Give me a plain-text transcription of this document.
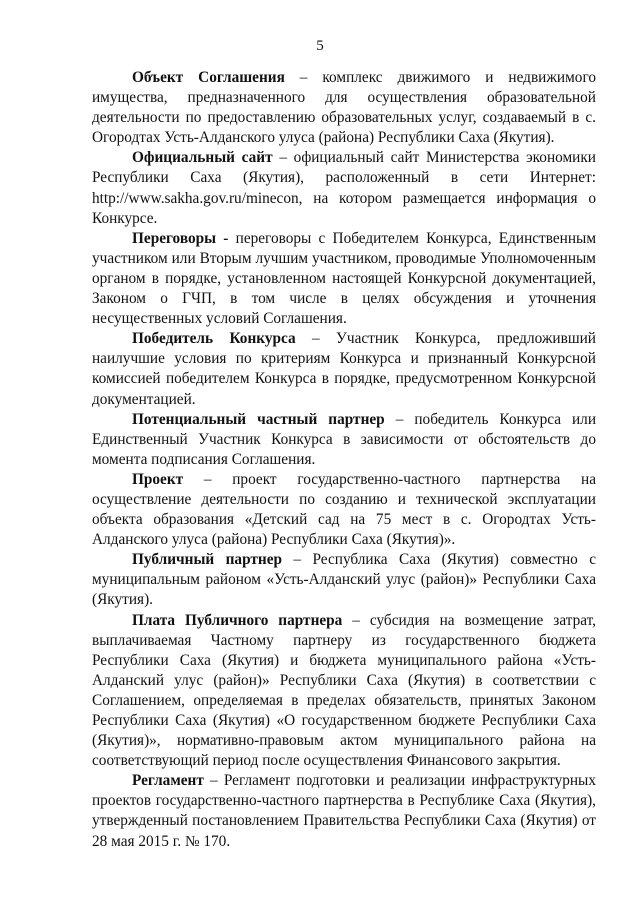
5

Объект Соглашения – комплекс движимого и недвижимого имущества, предназначенного для осуществления образовательной деятельности по предоставлению образовательных услуг, создаваемый в с. Огородтах Усть-Алданского улуса (района) Республики Саха (Якутия).

Официальный сайт – официальный сайт Министерства экономики Республики Саха (Якутия), расположенный в сети Интернет: http://www.sakha.gov.ru/minecon, на котором размещается информация о Конкурсе.

Переговоры - переговоры с Победителем Конкурса, Единственным участником или Вторым лучшим участником, проводимые Уполномоченным органом в порядке, установленном настоящей Конкурсной документацией, Законом о ГЧП, в том числе в целях обсуждения и уточнения несущественных условий Соглашения.

Победитель Конкурса – Участник Конкурса, предложивший наилучшие условия по критериям Конкурса и признанный Конкурсной комиссией победителем Конкурса в порядке, предусмотренном Конкурсной документацией.

Потенциальный частный партнер – победитель Конкурса или Единственный Участник Конкурса в зависимости от обстоятельств до момента подписания Соглашения.

Проект – проект государственно-частного партнерства на осуществление деятельности по созданию и технической эксплуатации объекта образования «Детский сад на 75 мест в с. Огородтах Усть-Алданского улуса (района) Республики Саха (Якутия)».

Публичный партнер – Республика Саха (Якутия) совместно с муниципальным районом «Усть-Алданский улус (район)» Республики Саха (Якутия).

Плата Публичного партнера – субсидия на возмещение затрат, выплачиваемая Частному партнеру из государственного бюджета Республики Саха (Якутия) и бюджета муниципального района «Усть-Алданский улус (район)» Республики Саха (Якутия) в соответствии с Соглашением, определяемая в пределах обязательств, принятых Законом Республики Саха (Якутия) «О государственном бюджете Республики Саха (Якутия)», нормативно-правовым актом муниципального района на соответствующий период после осуществления Финансового закрытия.

Регламент – Регламент подготовки и реализации инфраструктурных проектов государственно-частного партнерства в Республике Саха (Якутия), утвержденный постановлением Правительства Республики Саха (Якутия) от 28 мая 2015 г. № 170.
